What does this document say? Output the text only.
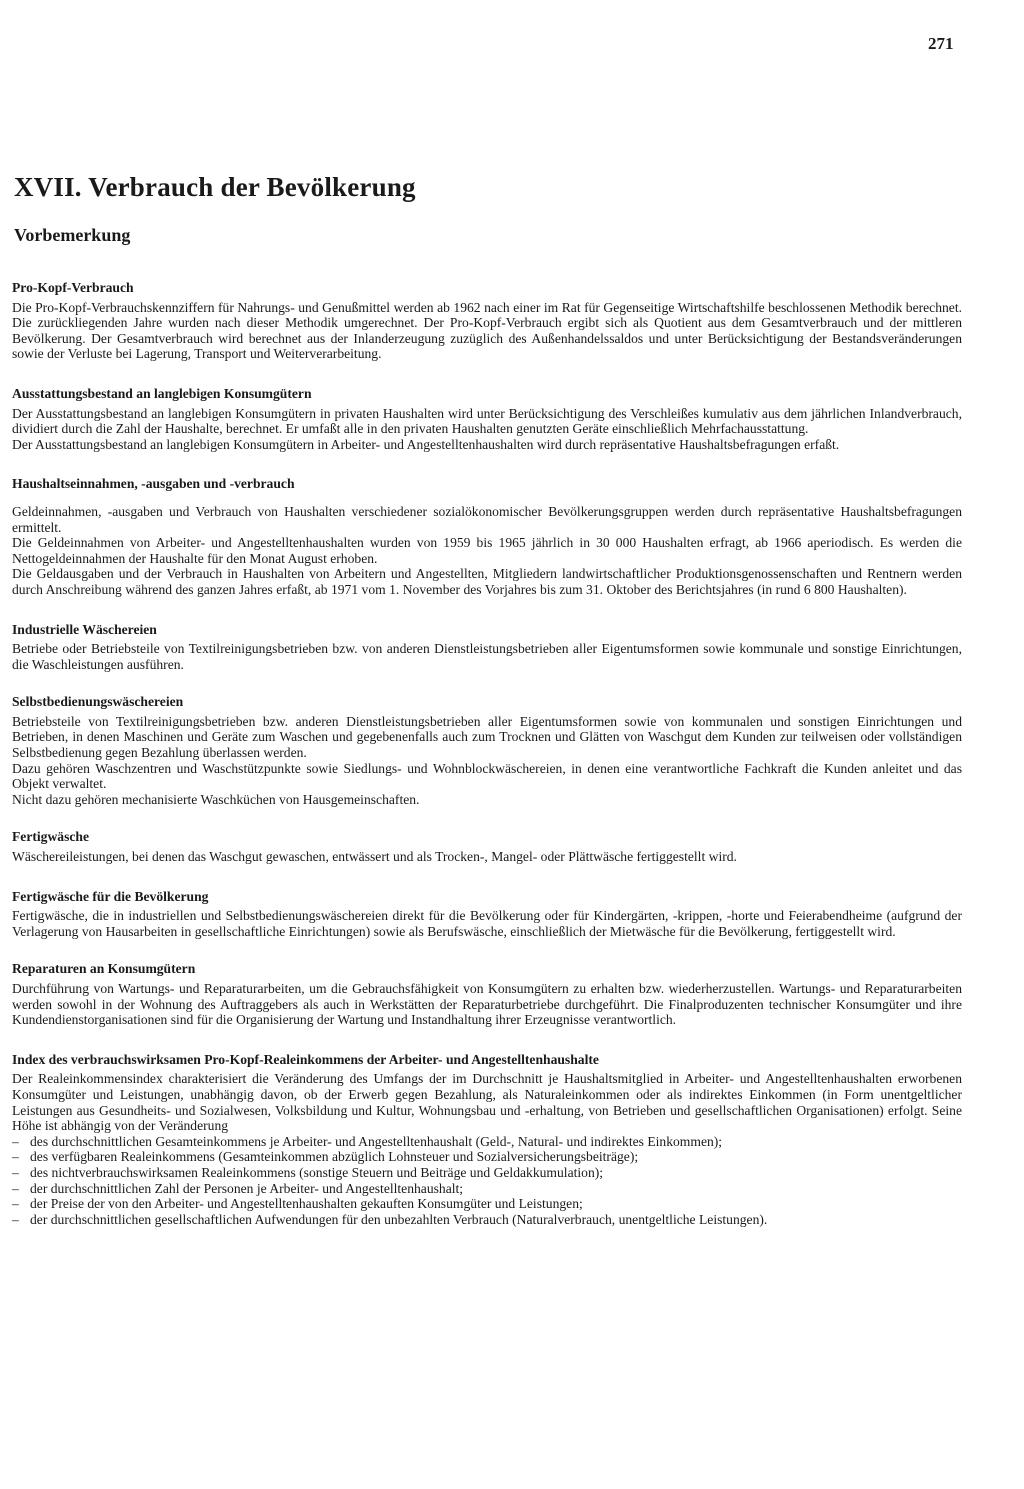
271
XVII. Verbrauch der Bevölkerung
Vorbemerkung
Pro-Kopf-Verbrauch

Die Pro-Kopf-Verbrauchskennziffern für Nahrungs- und Genußmittel werden ab 1962 nach einer im Rat für Gegenseitige Wirtschaftshilfe beschlossenen Methodik berechnet. Die zurückliegenden Jahre wurden nach dieser Methodik umgerechnet. Der Pro-Kopf-Verbrauch ergibt sich als Quotient aus dem Gesamtverbrauch und der mittleren Bevölkerung. Der Gesamtverbrauch wird berechnet aus der Inlanderzeugung zuzüglich des Außenhandelssaldos und unter Berücksichtigung der Bestandsveränderungen sowie der Verluste bei Lagerung, Transport und Weiterverarbeitung.

Ausstattungsbestand an langlebigen Konsumgütern

Der Ausstattungsbestand an langlebigen Konsumgütern in privaten Haushalten wird unter Berücksichtigung des Verschleißes kumulativ aus dem jährlichen Inlandverbrauch, dividiert durch die Zahl der Haushalte, berechnet. Er umfaßt alle in den privaten Haushalten genutzten Geräte einschließlich Mehrfachausstattung.

Der Ausstattungsbestand an langlebigen Konsumgütern in Arbeiter- und Angestelltenhaushalten wird durch repräsentative Haushaltsbefragungen erfaßt.

Haushaltseinnahmen, -ausgaben und -verbrauch

Geldeinnahmen, -ausgaben und Verbrauch von Haushalten verschiedener sozialökonomischer Bevölkerungsgruppen werden durch repräsentative Haushaltsbefragungen ermittelt.

Die Geldeinnahmen von Arbeiter- und Angestelltenhaushalten wurden von 1959 bis 1965 jährlich in 30 000 Haushalten erfragt, ab 1966 aperiodisch. Es werden die Nettogeldeinnahmen der Haushalte für den Monat August erhoben.

Die Geldausgaben und der Verbrauch in Haushalten von Arbeitern und Angestellten, Mitgliedern landwirtschaftlicher Produktionsgenossenschaften und Rentnern werden durch Anschreibung während des ganzen Jahres erfaßt, ab 1971 vom 1. November des Vorjahres bis zum 31. Oktober des Berichtsjahres (in rund 6 800 Haushalten).

Industrielle Wäschereien

Betriebe oder Betriebsteile von Textilreinigungsbetrieben bzw. von anderen Dienstleistungsbetrieben aller Eigentumsformen sowie kommunale und sonstige Einrichtungen, die Waschleistungen ausführen.

Selbstbedienungswäschereien

Betriebsteile von Textilreinigungsbetrieben bzw. anderen Dienstleistungsbetrieben aller Eigentumsformen sowie von kommunalen und sonstigen Einrichtungen und Betrieben, in denen Maschinen und Geräte zum Waschen und gegebenenfalls auch zum Trocknen und Glätten von Waschgut dem Kunden zur teilweisen oder vollständigen Selbstbedienung gegen Bezahlung überlassen werden.

Dazu gehören Waschzentren und Waschstützpunkte sowie Siedlungs- und Wohnblockwäschereien, in denen eine verantwortliche Fachkraft die Kunden anleitet und das Objekt verwaltet.

Nicht dazu gehören mechanisierte Waschküchen von Hausgemeinschaften.

Fertigwäsche

Wäschereileistungen, bei denen das Waschgut gewaschen, entwässert und als Trocken-, Mangel- oder Plättwäsche fertiggestellt wird.

Fertigwäsche für die Bevölkerung

Fertigwäsche, die in industriellen und Selbstbedienungswäschereien direkt für die Bevölkerung oder für Kindergärten, -krippen, -horte und Feierabendheime (aufgrund der Verlagerung von Hausarbeiten in gesellschaftliche Einrichtungen) sowie als Berufswäsche, einschließlich der Mietwäsche für die Bevölkerung, fertiggestellt wird.

Reparaturen an Konsumgütern

Durchführung von Wartungs- und Reparaturarbeiten, um die Gebrauchsfähigkeit von Konsumgütern zu erhalten bzw. wiederherzustellen. Wartungs- und Reparaturarbeiten werden sowohl in der Wohnung des Auftraggebers als auch in Werkstätten der Reparaturbetriebe durchgeführt. Die Finalproduzenten technischer Konsumgüter und ihre Kundendienstorganisationen sind für die Organisierung der Wartung und Instandhaltung ihrer Erzeugnisse verantwortlich.

Index des verbrauchswirksamen Pro-Kopf-Realeinkommens der Arbeiter- und Angestelltenhaushalte

Der Realeinkommensindex charakterisiert die Veränderung des Umfangs der im Durchschnitt je Haushaltsmitglied in Arbeiter- und Angestelltenhaushalten erworbenen Konsumgüter und Leistungen, unabhängig davon, ob der Erwerb gegen Bezahlung, als Naturaleinkommen oder als indirektes Einkommen (in Form unentgeltlicher Leistungen aus Gesundheits- und Sozialwesen, Volksbildung und Kultur, Wohnungsbau und -erhaltung, von Betrieben und gesellschaftlichen Organisationen) erfolgt. Seine Höhe ist abhängig von der Veränderung

– des durchschnittlichen Gesamteinkommens je Arbeiter- und Angestelltenhaushalt (Geld-, Natural- und indirektes Einkommen);
– des verfügbaren Realeinkommens (Gesamteinkommen abzüglich Lohnsteuer und Sozialversicherungsbeiträge);
– des nichtverbrauchswirksamen Realeinkommens (sonstige Steuern und Beiträge und Geldakkumulation);
– der durchschnittlichen Zahl der Personen je Arbeiter- und Angestelltenhaushalt;
– der Preise der von den Arbeiter- und Angestelltenhaushalten gekauften Konsumgüter und Leistungen;
– der durchschnittlichen gesellschaftlichen Aufwendungen für den unbezahlten Verbrauch (Naturalverbrauch, unentgeltliche Leistungen).
